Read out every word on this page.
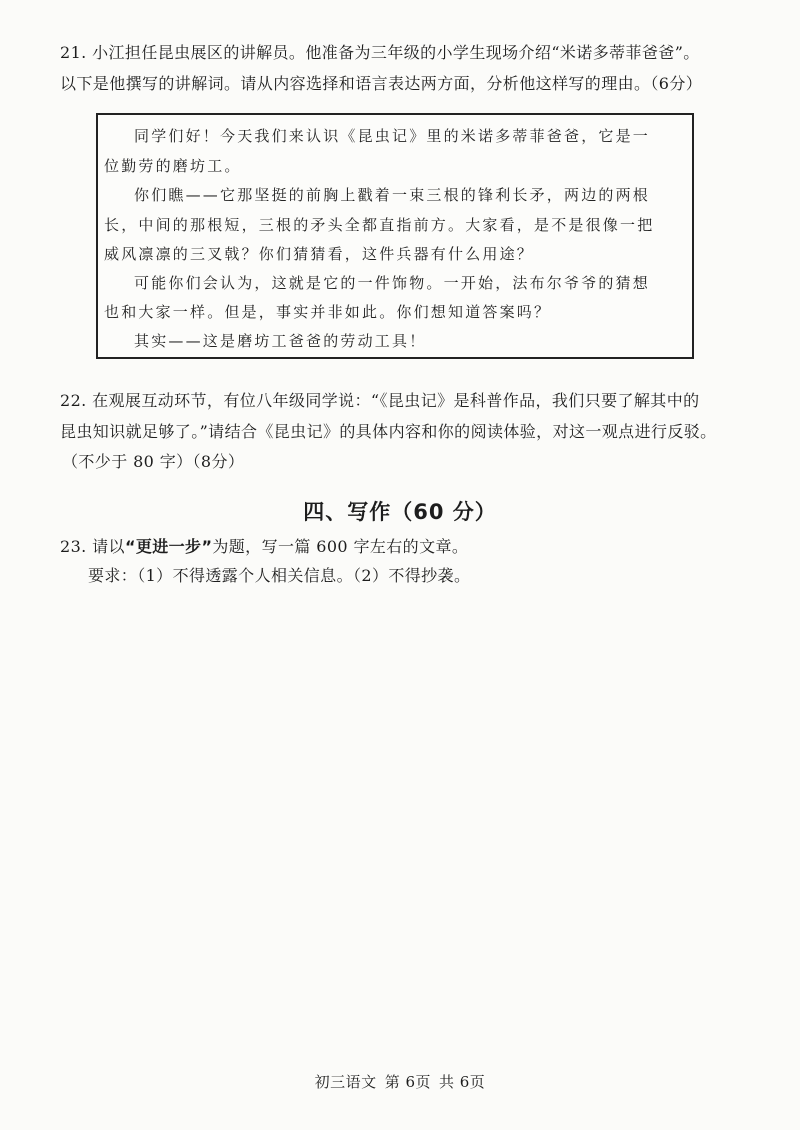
21. 小江担任昆虫展区的讲解员。他准备为三年级的小学生现场介绍“米诺多蒂菲爸爸”。
以下是他撰写的讲解词。请从内容选择和语言表达两方面，分析他这样写的理由。（6分）
同学们好！今天我们来认识《昆虫记》里的米诺多蒂菲爸爸，它是一
位勤劳的磨坊工。
你们瞧——它那坚挺的前胸上戳着一束三根的锋利长矛，两边的两根
长，中间的那根短，三根的矛头全都直指前方。大家看，是不是很像一把
威风凛凛的三叉戟？你们猜猜看，这件兵器有什么用途？
可能你们会认为，这就是它的一件饰物。一开始，法布尔爷爷的猜想
也和大家一样。但是，事实并非如此。你们想知道答案吗？
其实——这是磨坊工爸爸的劳动工具！
22. 在观展互动环节，有位八年级同学说：“《昆虫记》是科普作品，我们只要了解其中的
昆虫知识就足够了。”请结合《昆虫记》的具体内容和你的阅读体验，对这一观点进行反驳。
（不少于 80 字）（8分）
四、写作（60 分）
23. 请以“更进一步”为题，写一篇 600 字左右的文章。
要求：（1）不得透露个人相关信息。（2）不得抄袭。
初三语文 第 6页 共 6页
